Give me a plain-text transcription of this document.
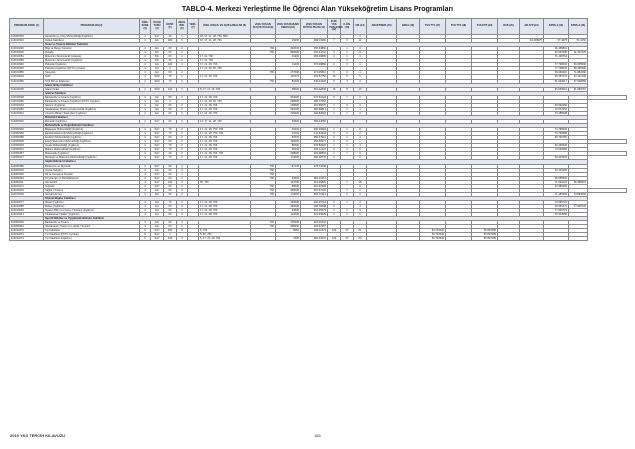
TABLO-4. Merkezi Yerleştirme İle Öğrenci Alan Yükseköğretim Lisans Programları
PROGRAM KODU (1)	PROGRAM ADI (2)	ÖĞR. SÜRE (3)	PUAN TÜRÜ (4)	KONT. (5)	OKUL BİR. (6)	YERL. (7)	ÖZEL KOŞUL VE AÇIKLAMALAR (8)	2018-YKS EN KÜÇÜK PUAN (9)	2018-YKS BAŞARI SIRASI (10)	2018-YKS EN BÜYÜK PUAN (11)	2018-YKS YERLEŞEN (12)	K.ÖN. (13)	OB (14)	ARASTIRMA (15)	ARKA (16)	TUS TT1 (17)	TUS TT2 (18)	TUS KTP (19)	DUS (20)	AB AYP (21)	KPSS-1 (22)	KPSS-2 (23)	
110060376	Havacılık ve Uzay Mühendisliği (İngilizce)	4	SAY	40	1		18, 17, 21, 28, 750, 859						3										
110010323	Hukuk Fakültesi	4	EA	200	5		10, 17, 21, 28, 766		15230	399.04960	7	6	12							64.209575	57.4275	54.1256	
	İnsan ve Toplum Bilimleri Fakültesi																						
110010226	Bilgi ve Belge Yönetimi	4	EA	60	2			766	402033	256.33860		1	4								66.465891		
110010226	Felsefe	4	EA	60	2			766	560000	232.44734	4	1	3								60.667608	61.327429	
110010281	Mütercim-Tercümanlık (Arapça)	4	DİL	60	2		17, 21, 766		41903	283.00895	2	1	3								71.199764		
110010283	Mütercim-Tercümanlık (İngilizce)	4	DİL	30	1		17, 21, 766					3											
110010346	Psikoloji (İngilizce)	4	EA	100	3		17, 21, 28, 766		41133	373.28866	2	3	3								77.798632	59.365990	
110010332	Psikoloji (İngilizce) (KKTC Uyruklu)	4	EA	2			17, 21, 28, 60, 766														77.798632	59.365990	
110010356	Sosyoloji	4	EA	60	2			766	277008	274.05812	5	3	4								66.069216	71.882360	
110010219	Tarih	4	SÖZ	70	2		17, 21, 28, 766		141073	322.57756	16	5	5								66.063776	63.131409	
110010360	Türk Dili ve Edebiyatı	4	SÖZ	70	2			766	81603	330.04302	5	4	4								61.626917	57.939558	
	İslami İlimler Fakültesi																						
110010225	İslami İlimler	4	SÖZ	120	3		5, 17, 21, 28, 766		58000	351.42840	16	5	10								65.569916	61.689767	
	İşletme Fakültesi																						
110010228	Bankacılık ve Finans (İngilizce)	4	EA	60	2		17, 21, 28, 766		304000	273.52224	5	1	2										
110010282	Bankacılık ve Finans (İngilizce) (KKTC Uyruklu)	4	EA	2			17, 21, 28, 60, 766		228000	286.77562													
110010243	İşletme (İngilizce)	4	EA	60	2		17, 21, 28, 766		218000	291.55575	7	3	3								63.591090		
110010282	Uluslararası Ticaret ve İşletmecilik (İngilizce)	4	EA	60	2		17, 21, 28, 766		231000	286.99813	1	1	4								72.572352		
110010321	Yönetim Bilişim Sistemleri (İngilizce)	4	EA	60	2		17, 21, 28, 766		215000	292.84062	1	1	3								70.485538		
	Mimarlık Fakültesi																						
110060322	Mimarlık (İngilizce)	4	SAY	60	2		13, 17, 21, 28, 766		32500	396.44650													
	Mühendislik ve Doğa Bilimleri Fakültesi																						
110060302	Bilgisayar Mühendisliği (İngilizce)	4	SAY	70	2		17, 21, 28, 750, 766		46203	400.49964	1	1	8								74.765640		
110060353	Elektrik-Elektronik Mühendisliği (İngilizce)	4	SAY	70	2		17, 21, 28, 750, 766		44733	411.54622	5	3	2								76.760988		
110060359	Endüstri Mühendisliği (İngilizce)	4	SAY	60	2		17, 21, 28, 766		67070	380.47914	2	1	4								65.736755		
110060305	Enerji Sistemleri Mühendisliği (İngilizce)	4	SAY	50	2		17, 21, 28, 766		190000	350.59577	5	4	1										
110060318	İnşaat Mühendisliği (İngilizce)	4	SAY	70	2		17, 21, 28, 766		80000	378.82920	1	1	4								62.268326		
110060372	Makine Mühendisliği (İngilizce)	4	SAY	70	2		17, 21, 28, 766		59133	394.11437	9	1	5								74.539666		
110060367	Matematik (İngilizce)	4	SAY	40	2		17, 21, 28, 766, 766		248000	292.08803	1	1	4										
110060377	Metalurji ve Malzeme Mühendisliği (İngilizce)	4	SAY	70	2		17, 21, 28, 766		174000	296.48778	4		6								69.403203		
	Sağlık Bilimleri Fakültesi																						
110060389	Beslenme ve Diyetetik	4	SAY	60	2			766	87133	378.74290													
110060315	Çocuk Gelişimi	4	EA	60	2			766													64.115420		
110060326	Dil ve Konuşma Terapisi	4	SAY	40	1			766															
110060324	Fizyoterapi ve Rehabilitasyon	4	SAY	60	2			766	64603	382.13157											65.655532		
110060311	Hemşirelik	4	SAY	140	4		56, 766		137000	319.49820		1	15								71.931023	65.486519	
110010271	Odyoloji	4	SAY	60	2			766	58000	391.30306			4								67.589496		
110010202	Sağlık Yönetimi	4	EA	60	2			766	326000	267.97220		1	2										
110070200	Sosyal Hizmet	4	EA	60	2			766	174000	302.71912		2	3								71.185452	74.893560	
	Siyasal Bilgiler Fakültesi																						
110010277	İktisat (İngilizce)	4	EA	70	2		17, 21, 28, 766		200000	296.45714	5	1	3								72.095724		
110010285	Maliye (İngilizce)	4	EA	60	2		17, 21, 28, 766		180000	298.78468	2		4								78.451974	73.396729	
110010202	Siyaset Bilimi ve Kamu Yönetimi (İngilizce)	4	EA	60	2		17, 21, 28, 766		94500	310.39073	1	1	4								77.936719		
110010244	Uluslararası İlişkiler (İngilizce)	4	EA	60	2		17, 21, 28, 766		110000	322.93629	2	1	5								75.404556		
	Sportif Bilimler ve Uygulamalı Bilimler Fakültesi																						
110060226	Bankacılık ve Finans	4	EA	60	2			766	375000	236.01531													
110060343	Uluslararası Ticaret ve Lojistik Yönetimi	4	EA	60	2			766	568000	226.57257													
110010270	Tıp Fakültesi	6	SAY	200	5		5, 766		8050	499.11373	129	67	61			50.704340		56.837689					
110010271	Tıp Fakültesi (KKTC Uyruklu)	6	SAY	1			5, 60, 766									50.704340		56.837689					
110010274	Tıp Fakültesi (İngilizce)	6	SAY	120	3		5, 17, 21, 28, 766		7600	482.23031	129	67	63			50.704340		56.837689					
2019 YKS TERCİH KILAVUZU	185
